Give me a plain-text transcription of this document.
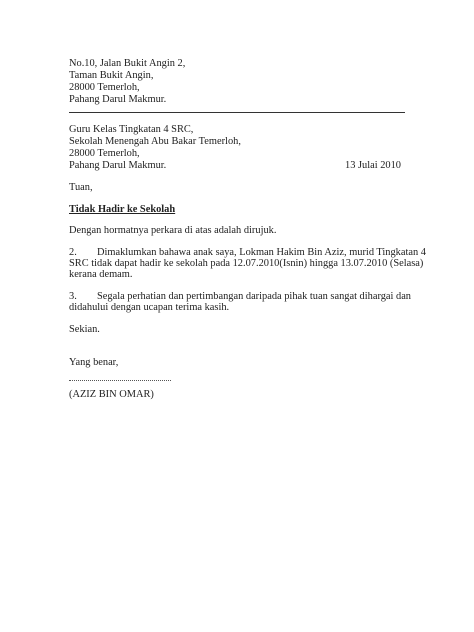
No.10, Jalan Bukit Angin 2,
Taman Bukit Angin,
28000 Temerloh,
Pahang Darul Makmur.
Guru Kelas Tingkatan 4 SRC,
Sekolah Menengah Abu Bakar Temerloh,
28000 Temerloh,
Pahang Darul Makmur.	13 Julai 2010
Tuan,
Tidak Hadir ke Sekolah
Dengan hormatnya perkara di atas adalah dirujuk.
2. Dimaklumkan bahawa anak saya, Lokman Hakim Bin Aziz, murid Tingkatan 4
SRC tidak dapat hadir ke sekolah pada 12.07.2010(Isnin) hingga 13.07.2010 (Selasa)
kerana demam.
3. Segala perhatian dan pertimbangan daripada pihak tuan sangat dihargai dan
didahului dengan ucapan terima kasih.
Sekian.
Yang benar,
(AZIZ BIN OMAR)
